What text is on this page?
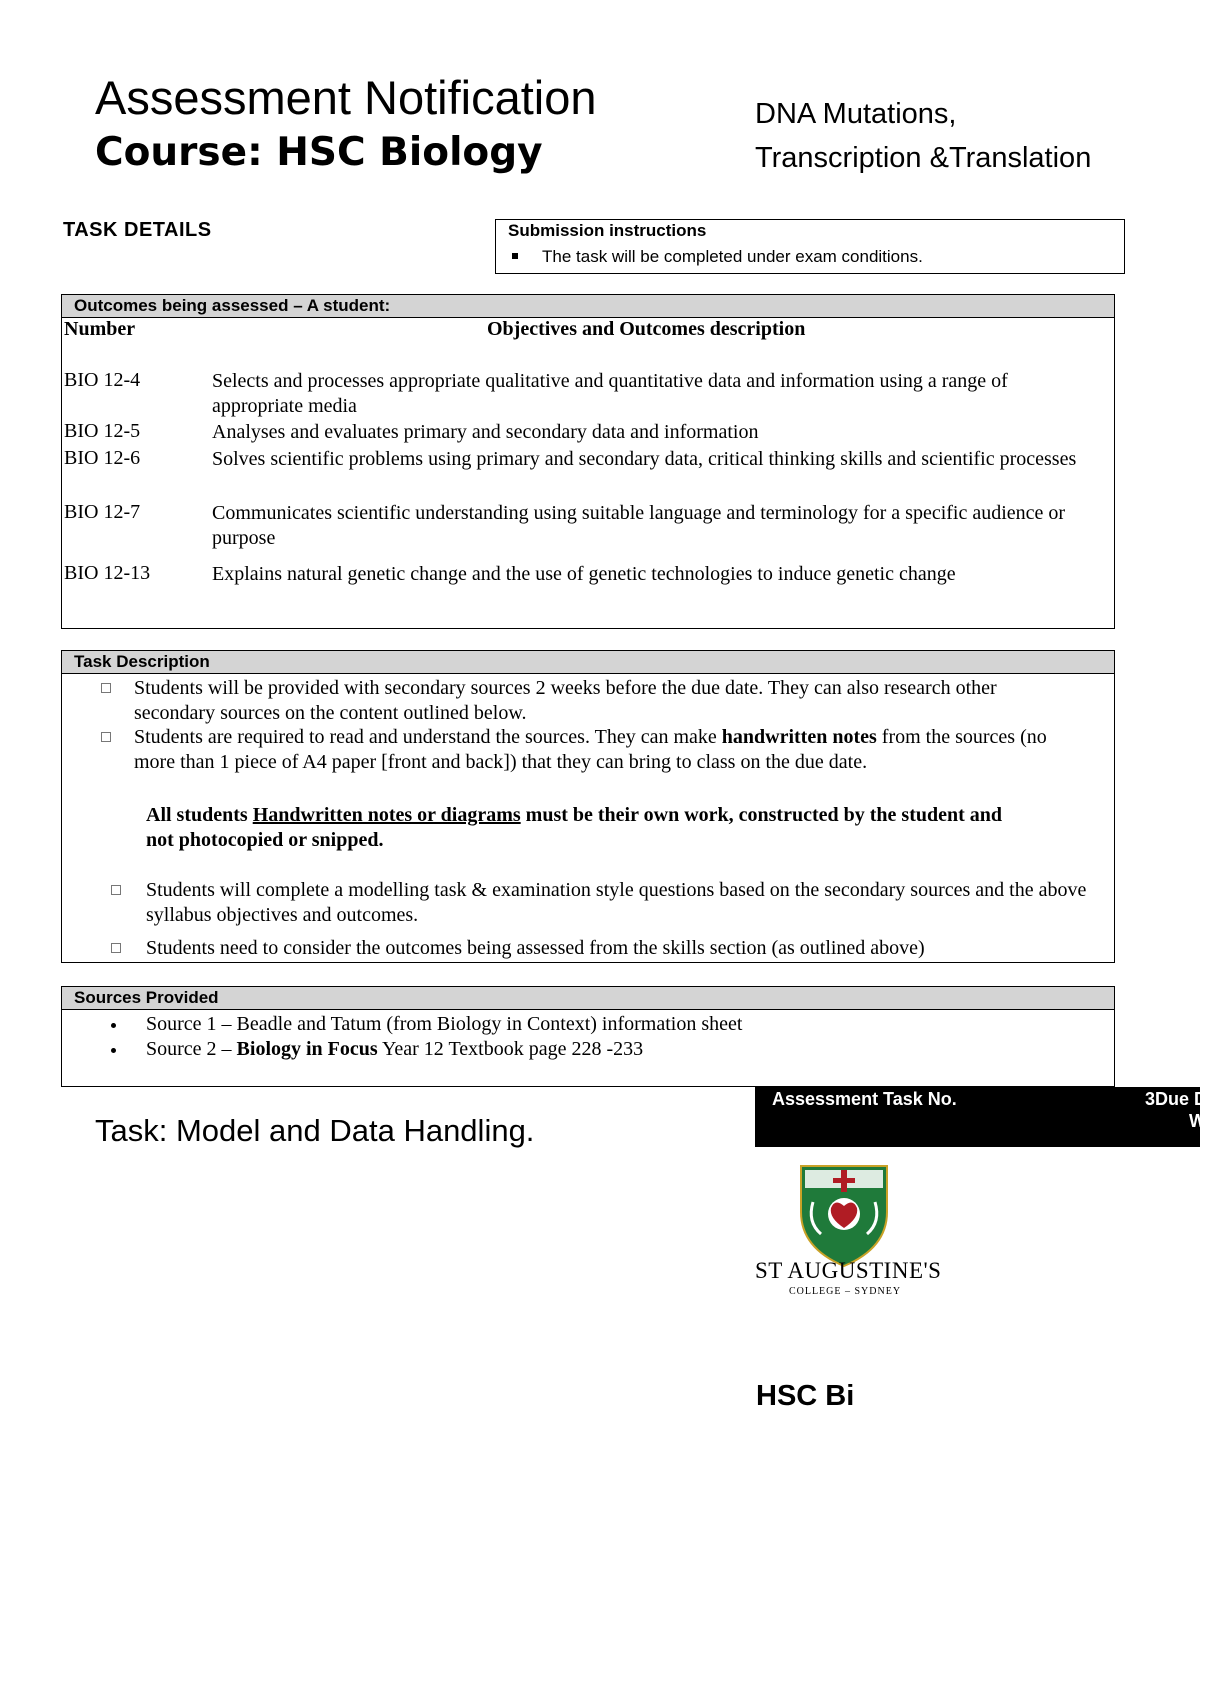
Assessment Notification
Course: HSC Biology
DNA Mutations,
Transcription &Translation
TASK DETAILS	Submission instructions
The task will be completed under exam conditions.
Outcomes being assessed – A student:
Number	Objectives and Outcomes description
BIO 12-4	Selects and processes appropriate qualitative and quantitative data and information using a range of appropriate media
BIO 12-5	Analyses and evaluates primary and secondary data and information
BIO 12-6	Solves scientific problems using primary and secondary data, critical thinking skills and scientific processes
BIO 12-7	Communicates scientific understanding using suitable language and terminology for a specific audience or purpose
BIO 12-13	Explains natural genetic change and the use of genetic technologies to induce genetic change
Task Description
Students will be provided with secondary sources 2 weeks before the due date. They can also research other secondary sources on the content outlined below.
Students are required to read and understand the sources. They can make handwritten notes from the sources (no more than 1 piece of A4 paper [front and back]) that they can bring to class on the due date.
All students Handwritten notes or diagrams must be their own work, constructed by the student and not photocopied or snipped.
Students will complete a modelling task & examination style questions based on the secondary sources and the above syllabus objectives and outcomes.
Students need to consider the outcomes being assessed from the skills section (as outlined above)
Sources Provided
Source 1 – Beadle and Tatum (from Biology in Context) information sheet
Source 2 – Biology in Focus Year 12 Textbook page 228 -233
Assessment Task No.	3Due D
W
Task: Model and Data Handling.
ST AUGUSTINE'S
COLLEGE – SYDNEY
HSC Bi
